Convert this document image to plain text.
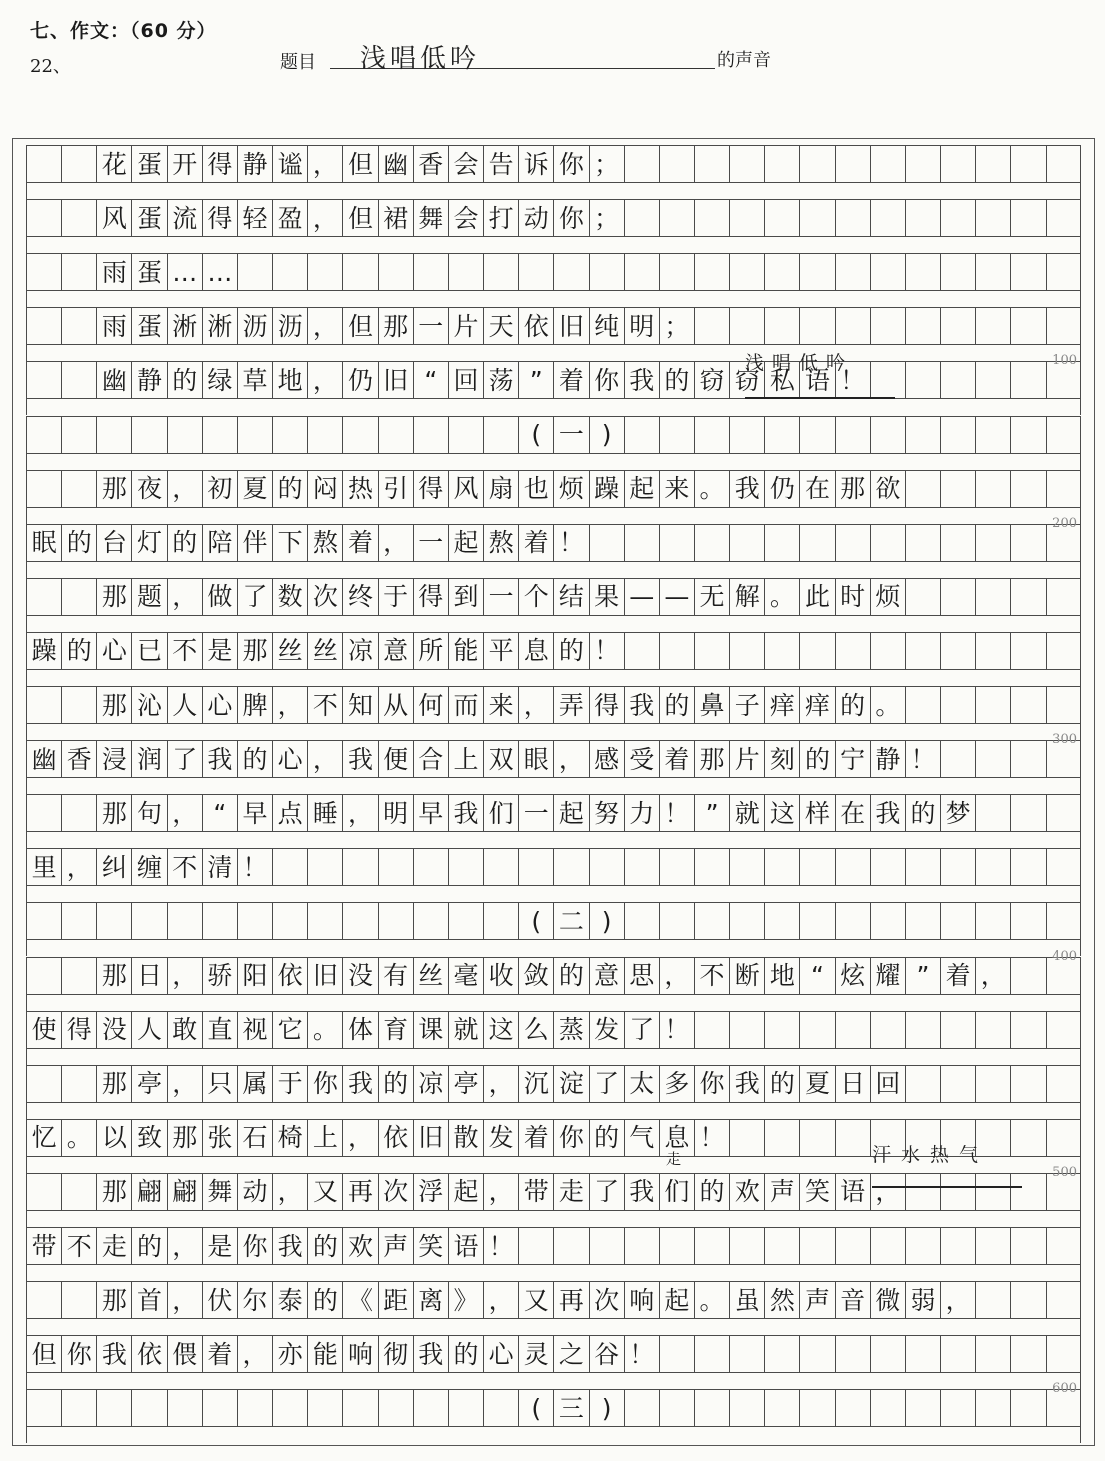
七、作文：（60 分）
22、	题目 浅唱低吟	的声音
花 蛋 开 得 静 谧 ， 但 幽 香 会 告 诉 你 ；
风 蛋 流 得 轻 盈 ， 但 裙 舞 会 打 动 你 ；
雨 蛋 … …
雨 蛋 淅 淅 沥 沥 ， 但 那 一 片 天 依 旧 纯 明 ；
幽 静 的 绿 草 地 ， 仍 旧 “ 回 荡 ” 着 你 我 的 窃 窃 私 语 ！
( 一 )
那 夜 ， 初 夏 的 闷 热 引 得 风 扇 也 烦 躁 起 来 。 我 仍 在 那 欲
眠 的 台 灯 的 陪 伴 下 熬 着 ， 一 起 熬 着 ！
那 题 ， 做 了 数 次 终 于 得 到 一 个 结 果 — — 无 解 。 此 时 烦
躁 的 心 已 不 是 那 丝 丝 凉 意 所 能 平 息 的 ！
那 沁 人 心 脾 ， 不 知 从 何 而 来 ， 弄 得 我 的 鼻 子 痒 痒 的 。
幽 香 浸 润 了 我 的 心 ， 我 便 合 上 双 眼 ， 感 受 着 那 片 刻 的 宁 静 ！
那 句 ， “ 早 点 睡 ， 明 早 我 们 一 起 努 力 ！ ” 就 这 样 在 我 的 梦
里 ， 纠 缠 不 清 ！
( 二 )
那 日 ， 骄 阳 依 旧 没 有 丝 毫 收 敛 的 意 思 ， 不 断 地 “ 炫 耀 ” 着 ，
使 得 没 人 敢 直 视 它 。 体 育 课 就 这 么 蒸 发 了 ！
那 亭 ， 只 属 于 你 我 的 凉 亭 ， 沉 淀 了 太 多 你 我 的 夏 日 回
忆 。 以 致 那 张 石 椅 上 ， 依 旧 散 发 着 你 的 气 息 ！
那 翩 翩 舞 动 ， 又 再 次 浮 起 ， 带 走 了 我 们 的 欢 声 笑 语 ，
带 不 走 的 ， 是 你 我 的 欢 声 笑 语 ！
那 首 ， 伏 尔 泰 的 《 距 离 》 ， 又 再 次 响 起 。 虽 然 声 音 微 弱 ，
但 你 我 依 偎 着 ， 亦 能 响 彻 我 的 心 灵 之 谷 ！
( 三 )
100
200
300
400
500
600
浅唱低吟
走	汗水热气
